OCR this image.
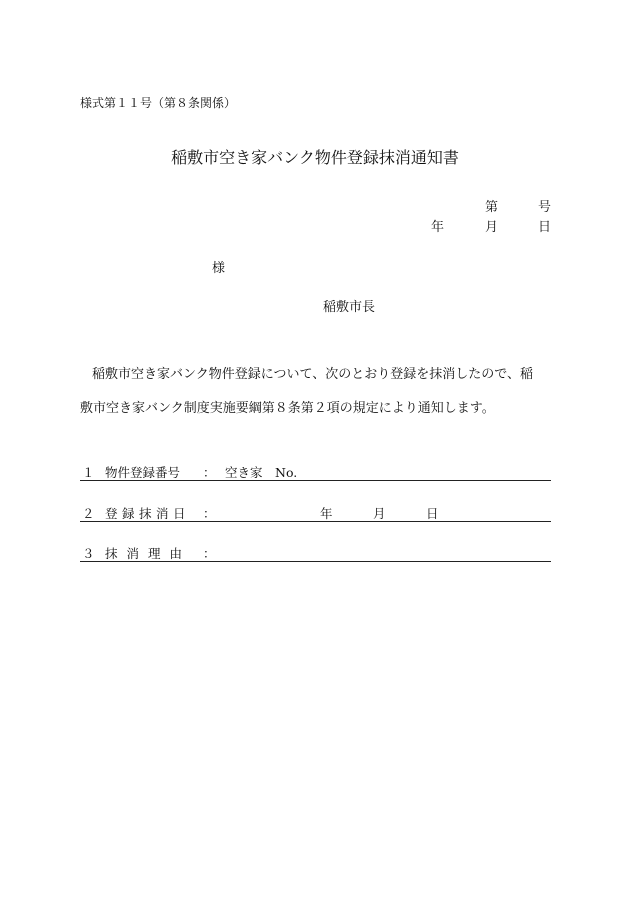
様式第１１号（第８条関係）
稲敷市空き家バンク物件登録抹消通知書
第	号
年	月	日
様
稲敷市長

稲敷市空き家バンク物件登録について、次のとおり登録を抹消したので、稲

敷市空き家バンク制度実施要綱第８条第２項の規定により通知します。

１ 物件登録番号 ： 空き家　No.
２ 登録抹消日 ：	年	月	日
３ 抹消理由 ：
